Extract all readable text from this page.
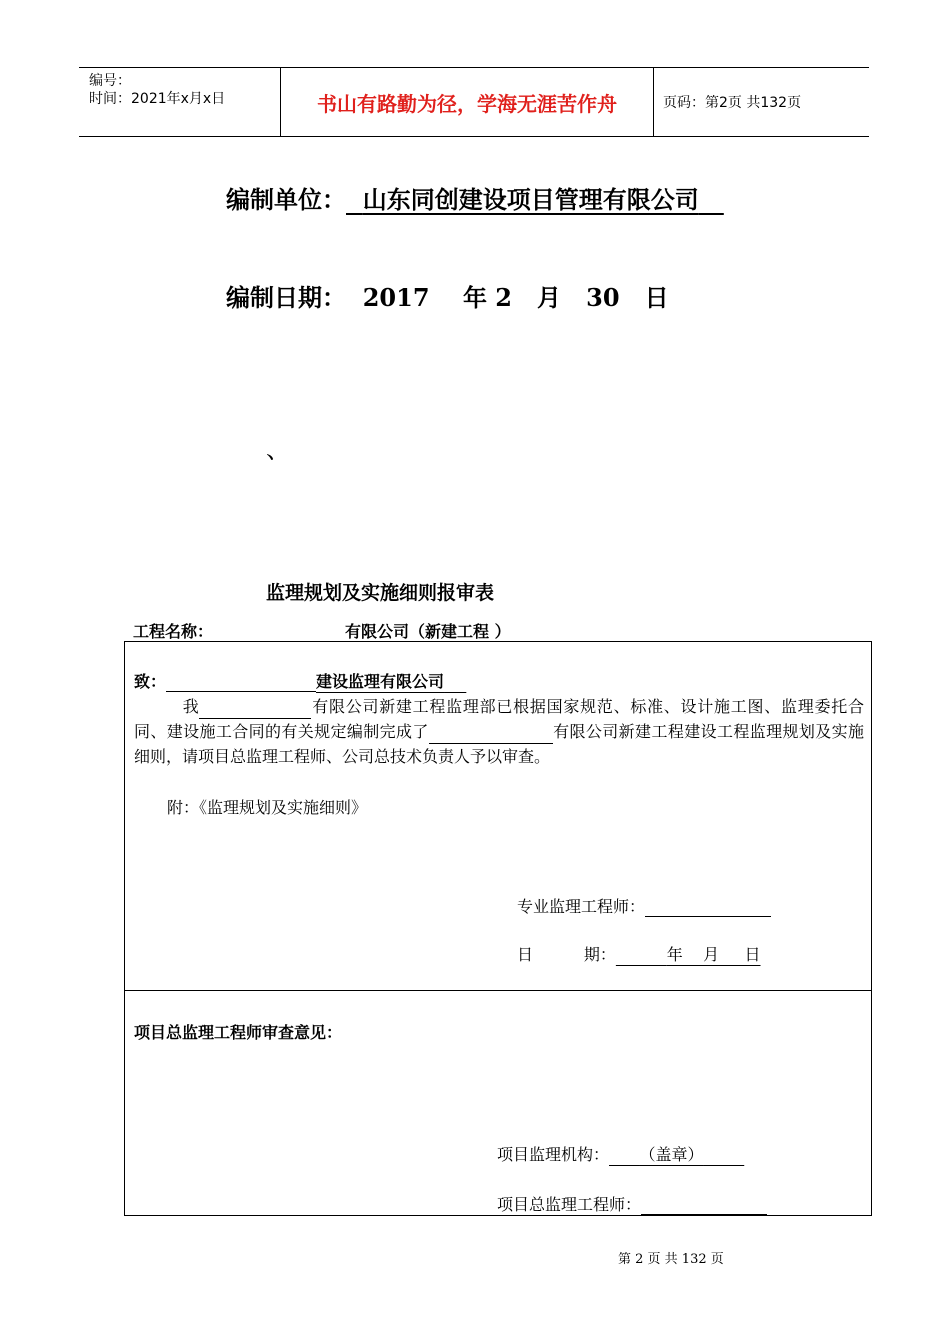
编号：
时间：2021年x月x日	书山有路勤为径，学海无涯苦作舟	页码：第2页 共132页
编制单位： 山东同创建设项目管理有限公司
编制日期： 2017    年 2   月   30   日
、
监理规划及实施细则报审表
工程名称：	有限公司（新建工程 ）
致：	建设监理有限公司
我	有限公司新建工程监理部已根据国家规范、标准、设计施工图、监理委托合同、建设施工合同的有关规定编制完成了	有限公司新建工程建设工程监理规划及实施细则，请项目总监理工程师、公司总技术负责人予以审查。
附：《监理规划及实施细则》
专业监理工程师：
日          期：	年    月     日
项目总监理工程师审查意见：
项目监理机构： （盖章）
项目总监理工程师：
第 2 页 共 132 页
